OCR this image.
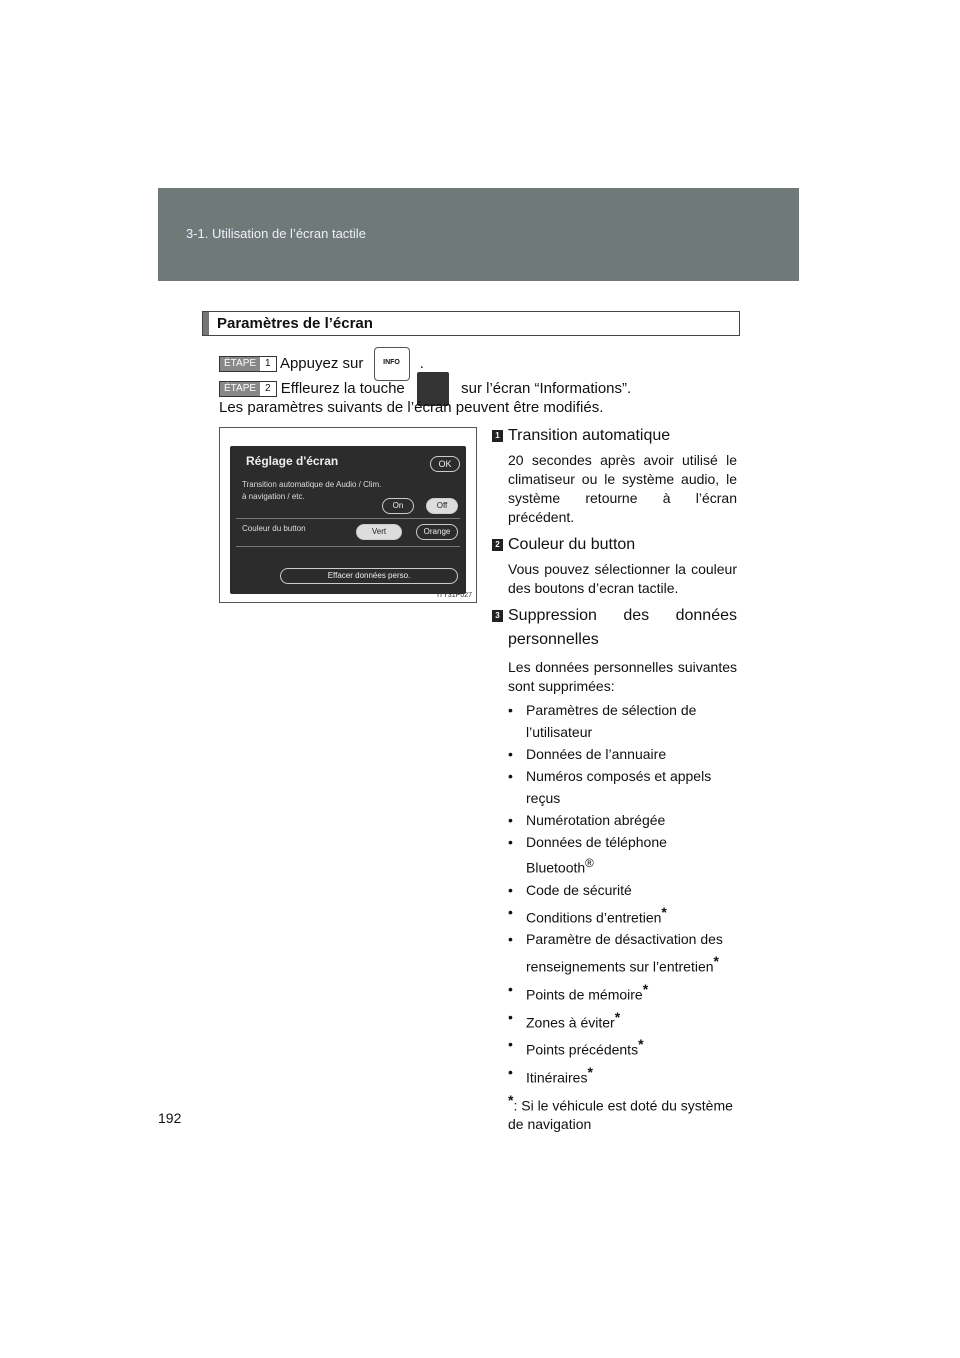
3-1. Utilisation de l’écran tactile
Paramètres de l’écran
ÉTAPE 1 Appuyez sur	INFO .
ÉTAPE 2 Effleurez la touche	sur l’écran “Informations”.
Les paramètres suivants de l’écran peuvent être modifiés.
Réglage d'écran	OK
Transition automatique de Audio / Clim.
à navigation / etc.
On	Off
Couleur du button	Vert	Orange
Effacer données perso.
ITY31P027
1 Transition automatique
20 secondes après avoir utilisé le climatiseur ou le système audio, le système retourne à l’écran précédent.
2 Couleur du button
Vous pouvez sélectionner la couleur des boutons d’ecran tactile.
3 Suppression des données personnelles
Les données personnelles suivantes sont supprimées:
• Paramètres de sélection de l’utilisateur
• Données de l’annuaire
• Numéros composés et appels reçus
• Numérotation abrégée
• Données de téléphone Bluetooth®
• Code de sécurité
• Conditions d’entretien*
• Paramètre de désactivation des renseignements sur l’entretien*
• Points de mémoire*
• Zones à éviter*
• Points précédents*
• Itinéraires*
*: Si le véhicule est doté du système de navigation
192
